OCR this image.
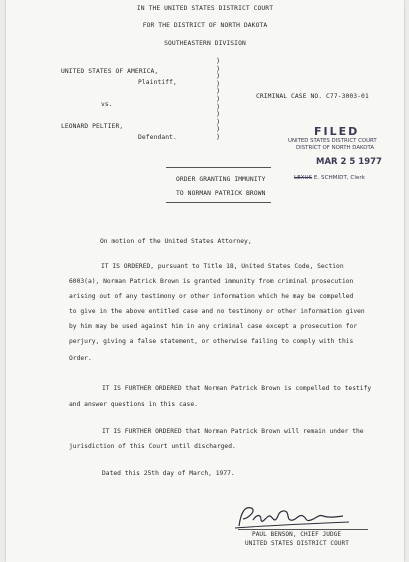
IN THE UNITED STATES DISTRICT COURT
FOR THE DISTRICT OF NORTH DAKOTA
SOUTHEASTERN DIVISION
UNITED STATES OF AMERICA,
Plaintiff,
vs.
LEONARD PELTIER,
Defendant.
)
)
)
)
)
)
)
)
)
)
)
CRIMINAL CASE NO. C77-3003-01
FILED
UNITED STATES DISTRICT COURT
DISTRICT OF NORTH DAKOTA
MAR 2 5 1977
LEXUS E. SCHMIDT, Clerk
ORDER GRANTING IMMUNITY
TO NORMAN PATRICK BROWN
On motion of the United States Attorney,
IT IS ORDERED, pursuant to Title 18, United States Code, Section
6003(a), Norman Patrick Brown is granted immunity from criminal prosecution
arising out of any testimony or other information which he may be compelled
to give in the above entitled case and no testimony or other information given
by him may be used against him in any criminal case except a prosecution for
perjury, giving a false statement, or otherwise failing to comply with this
Order.
IT IS FURTHER ORDERED that Norman Patrick Brown is compelled to testify
and answer questions in this case.
IT IS FURTHER ORDERED that Norman Patrick Brown will remain under the
jurisdiction of this Court until discharged.
Dated this 25th day of March, 1977.
PAUL BENSON, CHIEF JUDGE
UNITED STATES DISTRICT COURT
